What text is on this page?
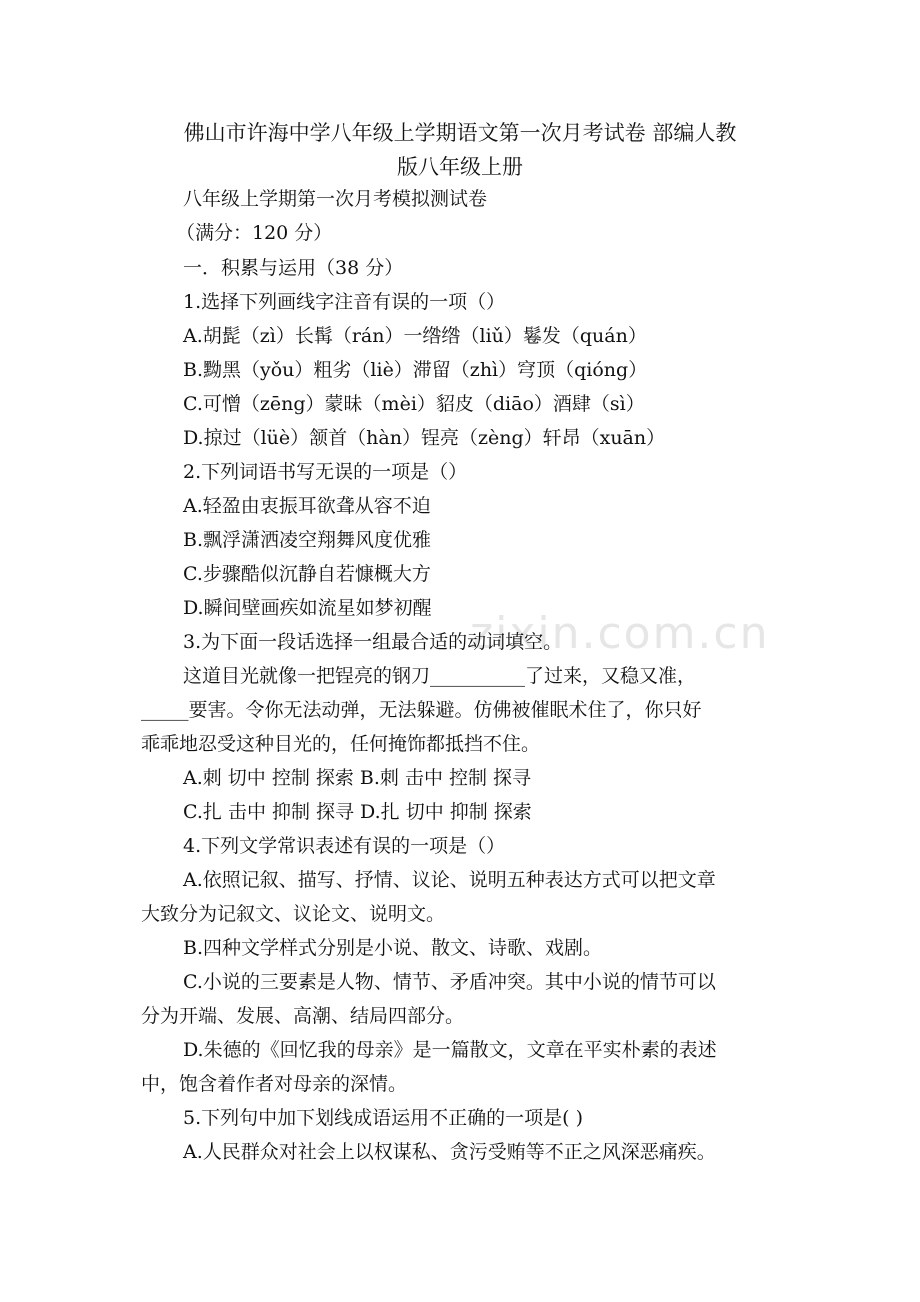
zixin.com.cn
佛山市许海中学八年级上学期语文第一次月考试卷 部编人教
版八年级上册
八年级上学期第一次月考模拟测试卷
（满分：120 分）
一．积累与运用（38 分）
1.选择下列画线字注音有误的一项（）
A.胡髭（zì）长髯（rán）一绺绺（liǔ）鬈发（quán）
B.黝黑（yǒu）粗劣（liè）滞留（zhì）穹顶（qióng）
C.可憎（zēng）蒙昧（mèi）貂皮（diāo）酒肆（sì）
D.掠过（lüè）颔首（hàn）锃亮（zèng）轩昂（xuān）
2.下列词语书写无误的一项是（）
A.轻盈由衷振耳欲聋从容不迫
B.飘浮潇洒凌空翔舞风度优雅
C.步骤酷似沉静自若慷概大方
D.瞬间壁画疾如流星如梦初醒
3.为下面一段话选择一组最合适的动词填空。
这道目光就像一把锃亮的钢刀__________了过来，又稳又准，
_____要害。令你无法动弹，无法躲避。仿佛被催眠术住了，你只好
乖乖地忍受这种目光的，任何掩饰都抵挡不住。
A.刺 切中 控制 探索 B.刺 击中 控制 探寻
C.扎 击中 抑制 探寻 D.扎 切中 抑制 探索
4.下列文学常识表述有误的一项是（）
A.依照记叙、描写、抒情、议论、说明五种表达方式可以把文章
大致分为记叙文、议论文、说明文。
B.四种文学样式分别是小说、散文、诗歌、戏剧。
C.小说的三要素是人物、情节、矛盾冲突。其中小说的情节可以
分为开端、发展、高潮、结局四部分。
D.朱德的《回忆我的母亲》是一篇散文，文章在平实朴素的表述
中，饱含着作者对母亲的深情。
5.下列句中加下划线成语运用不正确的一项是( )
A.人民群众对社会上以权谋私、贪污受贿等不正之风深恶痛疾。
